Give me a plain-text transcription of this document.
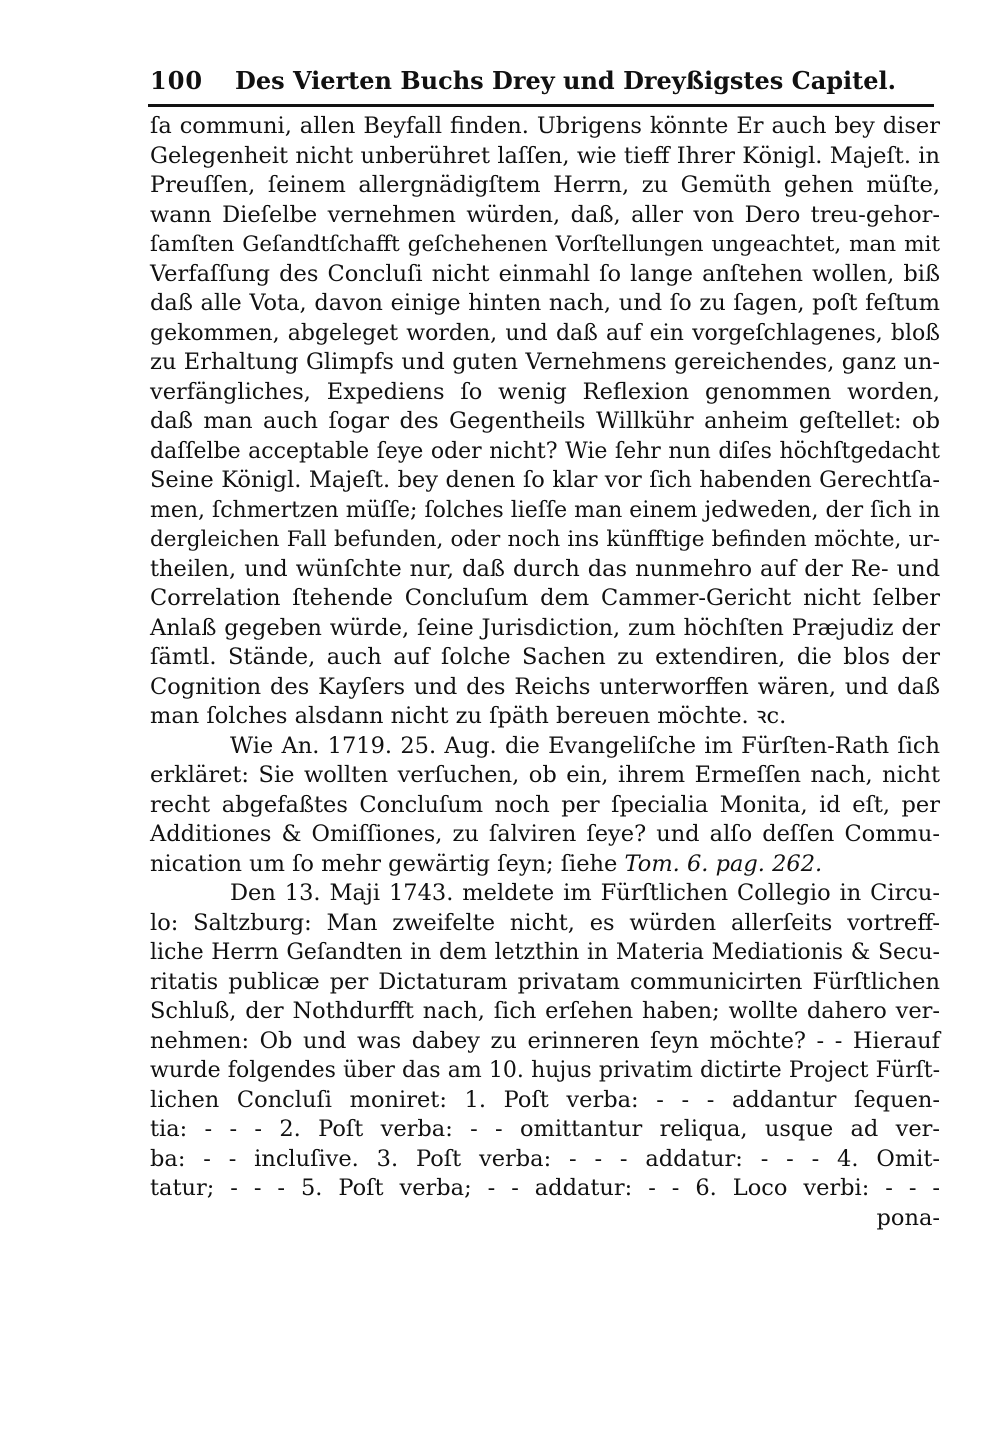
100 Des Vierten Buchs Drey und Dreyßigstes Capitel.
ſa communi, allen Beyfall finden. Ubrigens könnte Er auch bey diser
Gelegenheit nicht unberühret laſſen, wie tieff Ihrer Königl. Majeſt. in
Preuſſen, ſeinem allergnädigſtem Herrn, zu Gemüth gehen müſte,
wann Dieſelbe vernehmen würden, daß, aller von Dero treu-gehor-
ſamſten Geſandtſchafft geſchehenen Vorſtellungen ungeachtet, man mit
Verfaſſung des Concluſi nicht einmahl ſo lange anſtehen wollen, biß
daß alle Vota, davon einige hinten nach, und ſo zu ſagen, poſt feſtum
gekommen, abgeleget worden, und daß auf ein vorgeſchlagenes, bloß
zu Erhaltung Glimpfs und guten Vernehmens gereichendes, ganz un-
verfängliches, Expediens ſo wenig Reflexion genommen worden,
daß man auch ſogar des Gegentheils Willkühr anheim geſtellet: ob
daſſelbe acceptable ſeye oder nicht? Wie ſehr nun diſes höchſtgedacht
Seine Königl. Majeſt. bey denen ſo klar vor ſich habenden Gerechtſa-
men, ſchmertzen müſſe; ſolches lieſſe man einem jedweden, der ſich in
dergleichen Fall befunden, oder noch ins künfftige befinden möchte, ur-
theilen, und wünſchte nur, daß durch das nunmehro auf der Re- und
Correlation ſtehende Concluſum dem Cammer-Gericht nicht ſelber
Anlaß gegeben würde, ſeine Jurisdiction, zum höchſten Præjudiz der
ſämtl. Stände, auch auf ſolche Sachen zu extendiren, die blos der
Cognition des Kayſers und des Reichs unterworffen wären, und daß
man ſolches alsdann nicht zu ſpäth bereuen möchte. ꝛc.
Wie An. 1719. 25. Aug. die Evangeliſche im Fürſten-Rath ſich
erkläret: Sie wollten verſuchen, ob ein, ihrem Ermeſſen nach, nicht
recht abgefaßtes Concluſum noch per ſpecialia Monita, id eſt, per
Additiones & Omiſſiones, zu ſalviren ſeye? und alſo deſſen Commu-
nication um ſo mehr gewärtig ſeyn; ſiehe Tom. 6. pag. 262.
Den 13. Maji 1743. meldete im Fürſtlichen Collegio in Circu-
lo: Saltzburg: Man zweifelte nicht, es würden allerſeits vortreff-
liche Herrn Geſandten in dem letzthin in Materia Mediationis & Secu-
ritatis publicæ per Dictaturam privatam communicirten Fürſtlichen
Schluß, der Nothdurfft nach, ſich erſehen haben; wollte dahero ver-
nehmen: Ob und was dabey zu erinneren ſeyn möchte? - - Hierauf
wurde folgendes über das am 10. hujus privatim dictirte Project Fürſt-
lichen Concluſi moniret: 1. Poſt verba: - - - addantur ſequen-
tia: - - - 2. Poſt verba: - - omittantur reliqua, usque ad ver-
ba: - - incluſive. 3. Poſt verba: - - - addatur: - - - 4. Omit-
tatur; - - - 5. Poſt verba; - - addatur: - - 6. Loco verbi: - - -
pona-
